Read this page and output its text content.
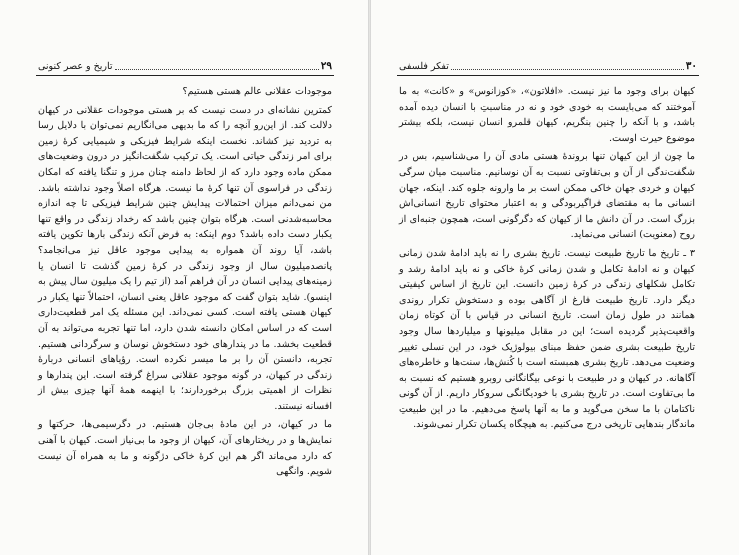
تاریخ و عصر کنونی	۲۹

موجودات عقلانی عالم هستی هستیم؟

کمترین نشانه‌ای در دست نیست که بر هستی موجودات عقلانی در کیهان دلالت کند. از این‌رو آنچه را که ما بدیهی می‌انگاریم نمی‌توان با دلایل رسا به تردید نیز کشاند. نخست اینکه شرایط فیزیکی و شیمیایی کرۀ زمین برای امر زندگی حیاتی است. یک ترکیب شگفت‌انگیز در درون وضعیت‌های ممکن ماده وجود دارد که از لحاظ دامنه چنان مرز و تنگنا یافته که امکان زندگی در فراسوی آن تنها کرۀ ما نیست. هرگاه اصلاً وجود نداشته باشد. من نمی‌دانم میزان احتمالات پیدایش چنین شرایط فیزیکی تا چه اندازه محاسبه‌شدنی است. هرگاه بتوان چنین باشد که رخداد زندگی در واقع تنها یکبار دست داده باشد؟ دوم اینکه: به فرض آنکه زندگی بارها تکوین یافته باشد، آیا روند آن همواره به پیدایی موجود عاقل نیز می‌انجامد؟ پانصدمیلیون سال از وجود زندگی در کرۀ زمین گذشت تا انسان یا زمینه‌های پیدایی انسان در آن فراهم آمد (از تیم را یک میلیون سال پیش به اینسو). شاید بتوان گفت که موجود عاقل یعنی انسان، احتمالاً تنها یکبار در کیهان هستی یافته است. کسی نمی‌داند. این مسئله یک امر قطعیت‌داری است که در اساس امکان دانسته شدن دارد، اما تنها تجربه می‌تواند به آن قطعیت بخشد. ما در پندارهای خود دستخوش نوسان و سرگردانی هستیم. تجربه، دانستن آن را بر ما میسر نکرده است. رؤیاهای انسانی دربارۀ زندگی در کیهان، در گونه موجود عقلانی سراغ گرفته است. این پندارها و نظرات از اهمیتی بزرگ برخوردارند؛ با اینهمه همۀ آنها چیزی بیش از افسانه نیستند.

ما در کیهان، در این مادۀ بی‌جان هستیم. در دگرسیمی‌ها، حرکتها و نمایش‌ها و در ریختارهای آن، کیهان از وجود ما بی‌نیاز است. کیهان با آهنی که دارد می‌ماند اگر هم این کرۀ خاکی دژگونه و ما به همراه آن نیست شویم. وانگهی

تفکر فلسفی	۳۰

کیهان برای وجود ما نیز نیست. «افلاتون»، «کوزانوس» و «کانت» به ما آموختند که می‌بایست به خودی خود و نه در مناسبتِ با انسان دیده آمده باشد، و با آنکه را چنین بنگریم، کیهان قلمرو انسان نیست، بلکه بیشتر موضوع حیرت اوست.

ما چون از این کیهان تنها بروندۀ هستی مادی آن را می‌شناسیم، بس در شگفت‌ندگی از آن و بی‌تفاوتی نسبت به آن نوسانیم. مناسبت میان سرگی کیهان و خردی جهان خاکی ممکن است بر ما وارونه جلوه کند. اینکه، جهان انسانی ما به مقتضای فراگیربودگی و به اعتبار محتوای تاریخ انسانی‌اش بزرگ است. در آن دانش ما از کیهان که دگرگونی است، همچون جنبه‌ای از روح (معنویت) انسانی می‌نماید.

۳ ـ تاریخ ما تاریخ طبیعت نیست. تاریخ بشری را نه باید ادامۀ شدن زمانی کیهان و نه ادامۀ تکامل و شدن زمانی کرۀ خاکی و نه باید ادامۀ رشد و تکامل شکلهای زندگی در کرۀ زمین دانست. این تاریخ از اساس کیفیتی دیگر دارد. تاریخ طبیعت فارغ از آگاهی بوده و دستخوش تکرار روندی همانند در طول زمان است. تاریخ انسانی در قیاس با آن کوتاه زمان واقعیت‌پذیر گردیده است؛ این در مقابل میلیونها و میلیاردها سال وجود تاریخ طبیعت بشری ضمن حفظ مبنای بیولوژیک خود، در این نسلی تغییر وضعیت می‌دهد. تاریخ بشری همبسته است با کُنش‌ها، سنت‌ها و خاطره‌های آگاهانه. در کیهان و در طبیعت با نوعی بیگانگانی روبرو هستیم که نسبت به ما بی‌تفاوت است. در تاریخ بشری با خودیگانگی سروکار داریم. از آن گونی ناکتامان با ما سخن می‌گوید و ما به آنها پاسخ می‌دهیم. ما در این طبیعتِ ماندگار بندهایی تاریخی درج می‌کنیم. به هیچگاه یکسان تکرار نمی‌شوند.
